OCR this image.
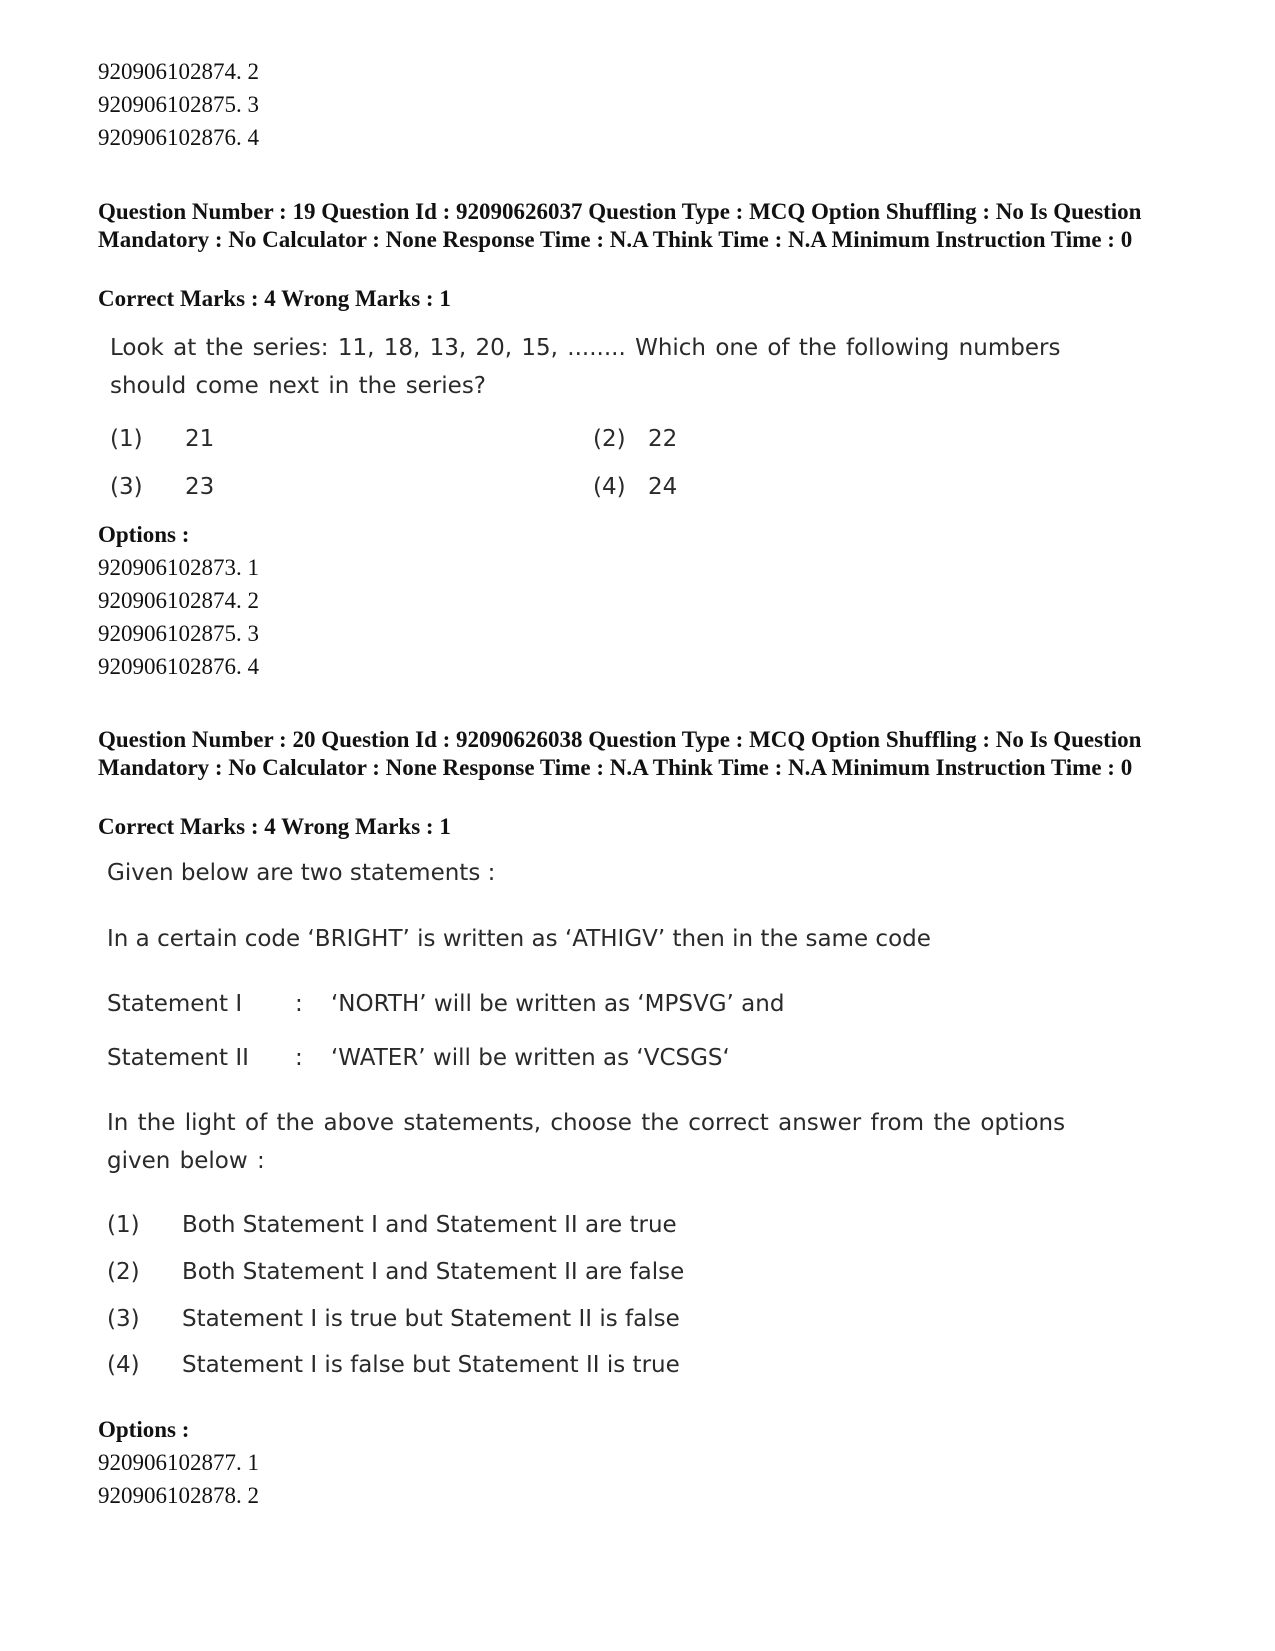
920906102874. 2
920906102875. 3
920906102876. 4
Question Number : 19 Question Id : 92090626037 Question Type : MCQ Option Shuffling : No Is Question Mandatory : No Calculator : None Response Time : N.A Think Time : N.A Minimum Instruction Time : 0
Correct Marks : 4 Wrong Marks : 1
Look at the series: 11, 18, 13, 20, 15, ........ Which one of the following numbers should come next in the series?
(1) 21	(2) 22
(3) 23	(4) 24
Options :
920906102873. 1
920906102874. 2
920906102875. 3
920906102876. 4
Question Number : 20 Question Id : 92090626038 Question Type : MCQ Option Shuffling : No Is Question Mandatory : No Calculator : None Response Time : N.A Think Time : N.A Minimum Instruction Time : 0
Correct Marks : 4 Wrong Marks : 1
Given below are two statements :
In a certain code ‘BRIGHT’ is written as ‘ATHIGV’ then in the same code
Statement I : ‘NORTH’ will be written as ‘MPSVG’ and
Statement II : ‘WATER’ will be written as ‘VCSGS‘
In the light of the above statements, choose the correct answer from the options given below :
(1) Both Statement I and Statement II are true
(2) Both Statement I and Statement II are false
(3) Statement I is true but Statement II is false
(4) Statement I is false but Statement II is true
Options :
920906102877. 1
920906102878. 2
